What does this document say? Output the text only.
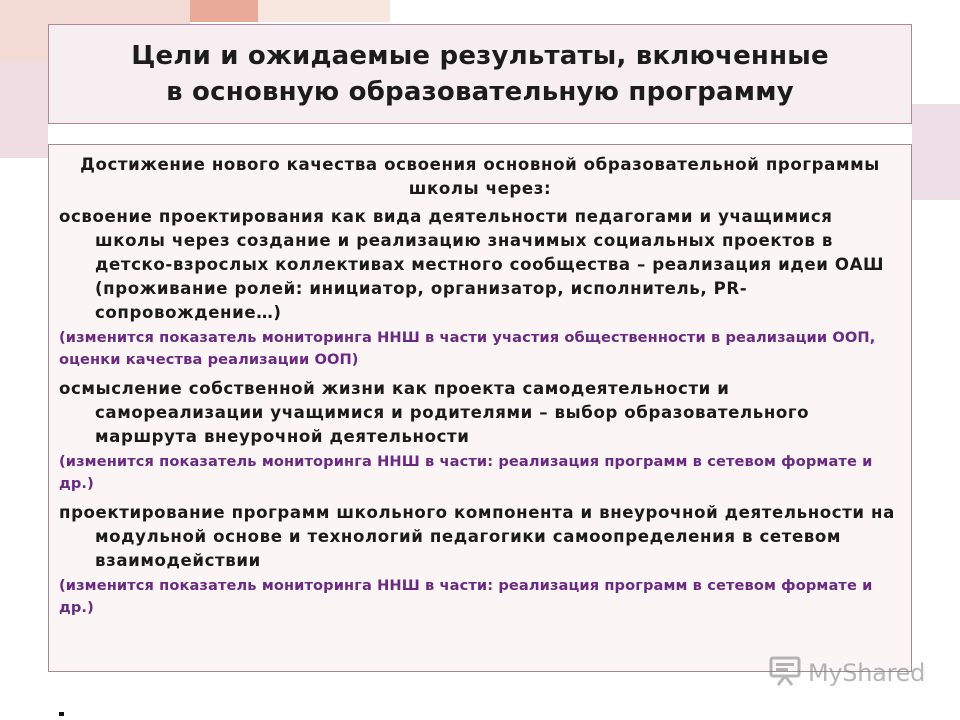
Цели и ожидаемые результаты, включенные
в основную образовательную программу

Достижение нового качества освоения основной образовательной программы школы через:

освоение проектирования как вида деятельности педагогами и учащимися школы через создание и реализацию значимых социальных проектов в детско-взрослых коллективах местного сообщества – реализация идеи ОАШ (проживание ролей: инициатор, организатор, исполнитель, PR-сопровождение…)

(изменится показатель мониторинга ННШ в части участия общественности в реализации ООП, оценки качества реализации ООП)

осмысление собственной жизни как проекта самодеятельности и самореализации учащимися и родителями – выбор образовательного маршрута внеурочной деятельности

(изменится показатель мониторинга ННШ в части: реализация программ в сетевом формате и др.)

проектирование программ школьного компонента и внеурочной деятельности на модульной основе и технологий педагогики самоопределения в сетевом взаимодействии

(изменится показатель мониторинга ННШ в части: реализация программ в сетевом формате и др.)

MyShared
